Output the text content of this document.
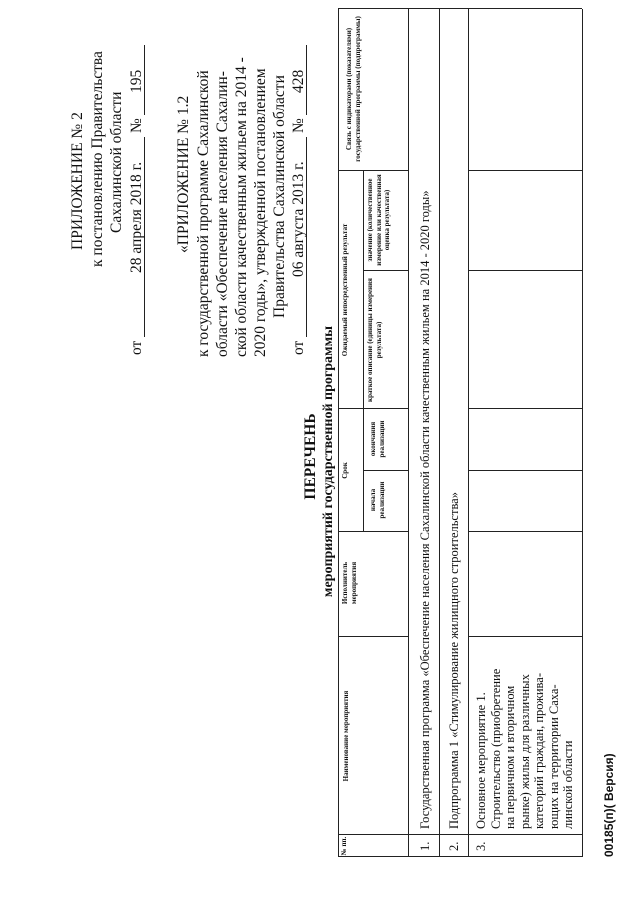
ПРИЛОЖЕНИЕ № 2 к постановлению Правительства Сахалинской области
от
28 апреля 2018 г.
№
195
«ПРИЛОЖЕНИЕ № 1.2 к государственной программе Сахалинской области «Обеспечение населения Сахалин- ской области качественным жильем на 2014 - 2020 годы», утвержденной постановлением Правительства Сахалинской области
от
06 августа 2013 г.
№
428
ПЕРЕЧЕНЬ мероприятий государственной программы
№ пп.
Наименование мероприятия
Исполнитель мероприятия
Срок
начала реализации
окончания реализации
Ожидаемый непосредственный результат	краткое описание (единицы измерения результата)
значение (количественное измерение или качественная оценка результата)
Связь с индикаторами (показателями) государственной программы (подпрограммы)
1.
Государственная программа «Обеспечение населения Сахалинской области качественным жильем на 2014 - 2020 годы»
2.
Подпрограмма 1 «Стимулирование жилищного строительства»
3.
Основное мероприятие 1. Строительство (приобретение на первичном и вторичном рынке) жилья для различных категорий граждан, прожива- ющих на территории Саха- линской области 00185(п)( Версия)
